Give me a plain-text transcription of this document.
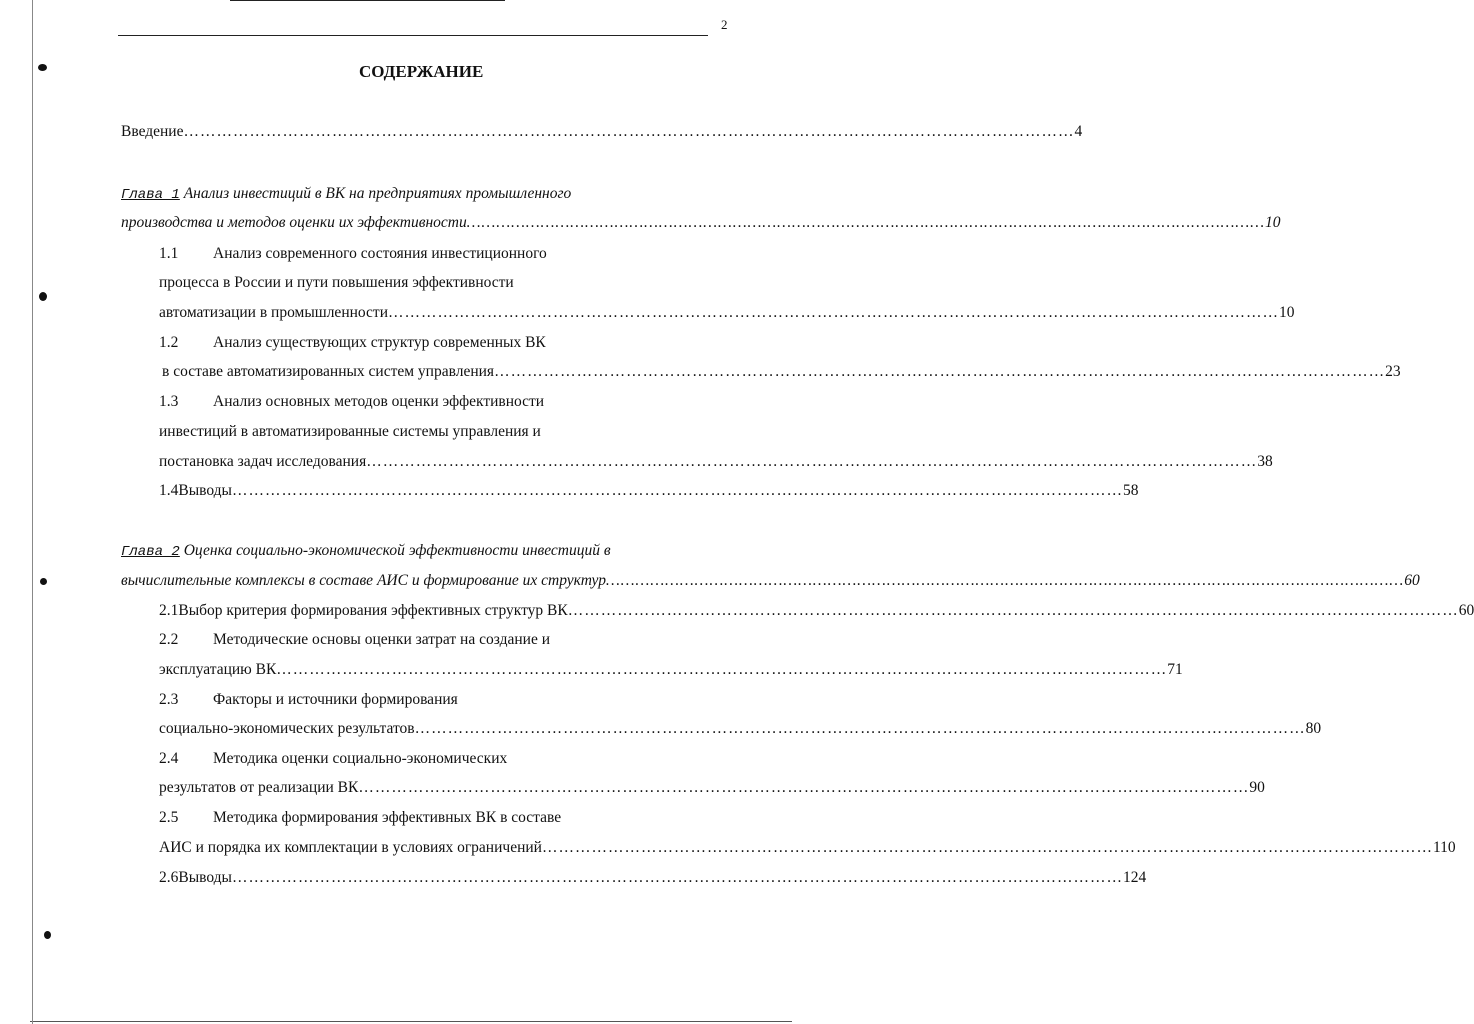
2
СОДЕРЖАНИЕ
Введение ……………………………………………………………………………………………………………………………………………… 4
Глава 1 Анализ инвестиций в ВК на предприятиях промышленного
производства и методов оценки их эффективности ……………………………………………………………………………………………………………………………………………… 10
1.1 Анализ современного состояния инвестиционного
процесса в России и пути повышения эффективности
автоматизации в промышленности ……………………………………………………………………………………………………………………………………………… 10
1.2 Анализ существующих структур современных ВК
в составе автоматизированных систем управления ……………………………………………………………………………………………………………………………………………… 23
1.3 Анализ основных методов оценки эффективности
инвестиций в автоматизированные системы управления и
постановка задач исследования ……………………………………………………………………………………………………………………………………………… 38
1.4 Выводы ……………………………………………………………………………………………………………………………………………… 58
Глава 2 Оценка социально-экономической эффективности инвестиций в
вычислительные комплексы в составе АИС и формирование их структур ……………………………………………………………………………………………………………………………………………… 60
2.1 Выбор критерия формирования эффективных структур ВК ……………………………………………………………………………………………………………………………………………… 60
2.2 Методические основы оценки затрат на создание и
эксплуатацию ВК ……………………………………………………………………………………………………………………………………………… 71
2.3 Факторы и источники формирования
социально-экономических результатов ……………………………………………………………………………………………………………………………………………… 80
2.4 Методика оценки социально-экономических
результатов от реализации ВК ……………………………………………………………………………………………………………………………………………… 90
2.5 Методика формирования эффективных ВК в составе
АИС и порядка их комплектации в условиях ограничений ……………………………………………………………………………………………………………………………………………… 110
2.6 Выводы ……………………………………………………………………………………………………………………………………………… 124
